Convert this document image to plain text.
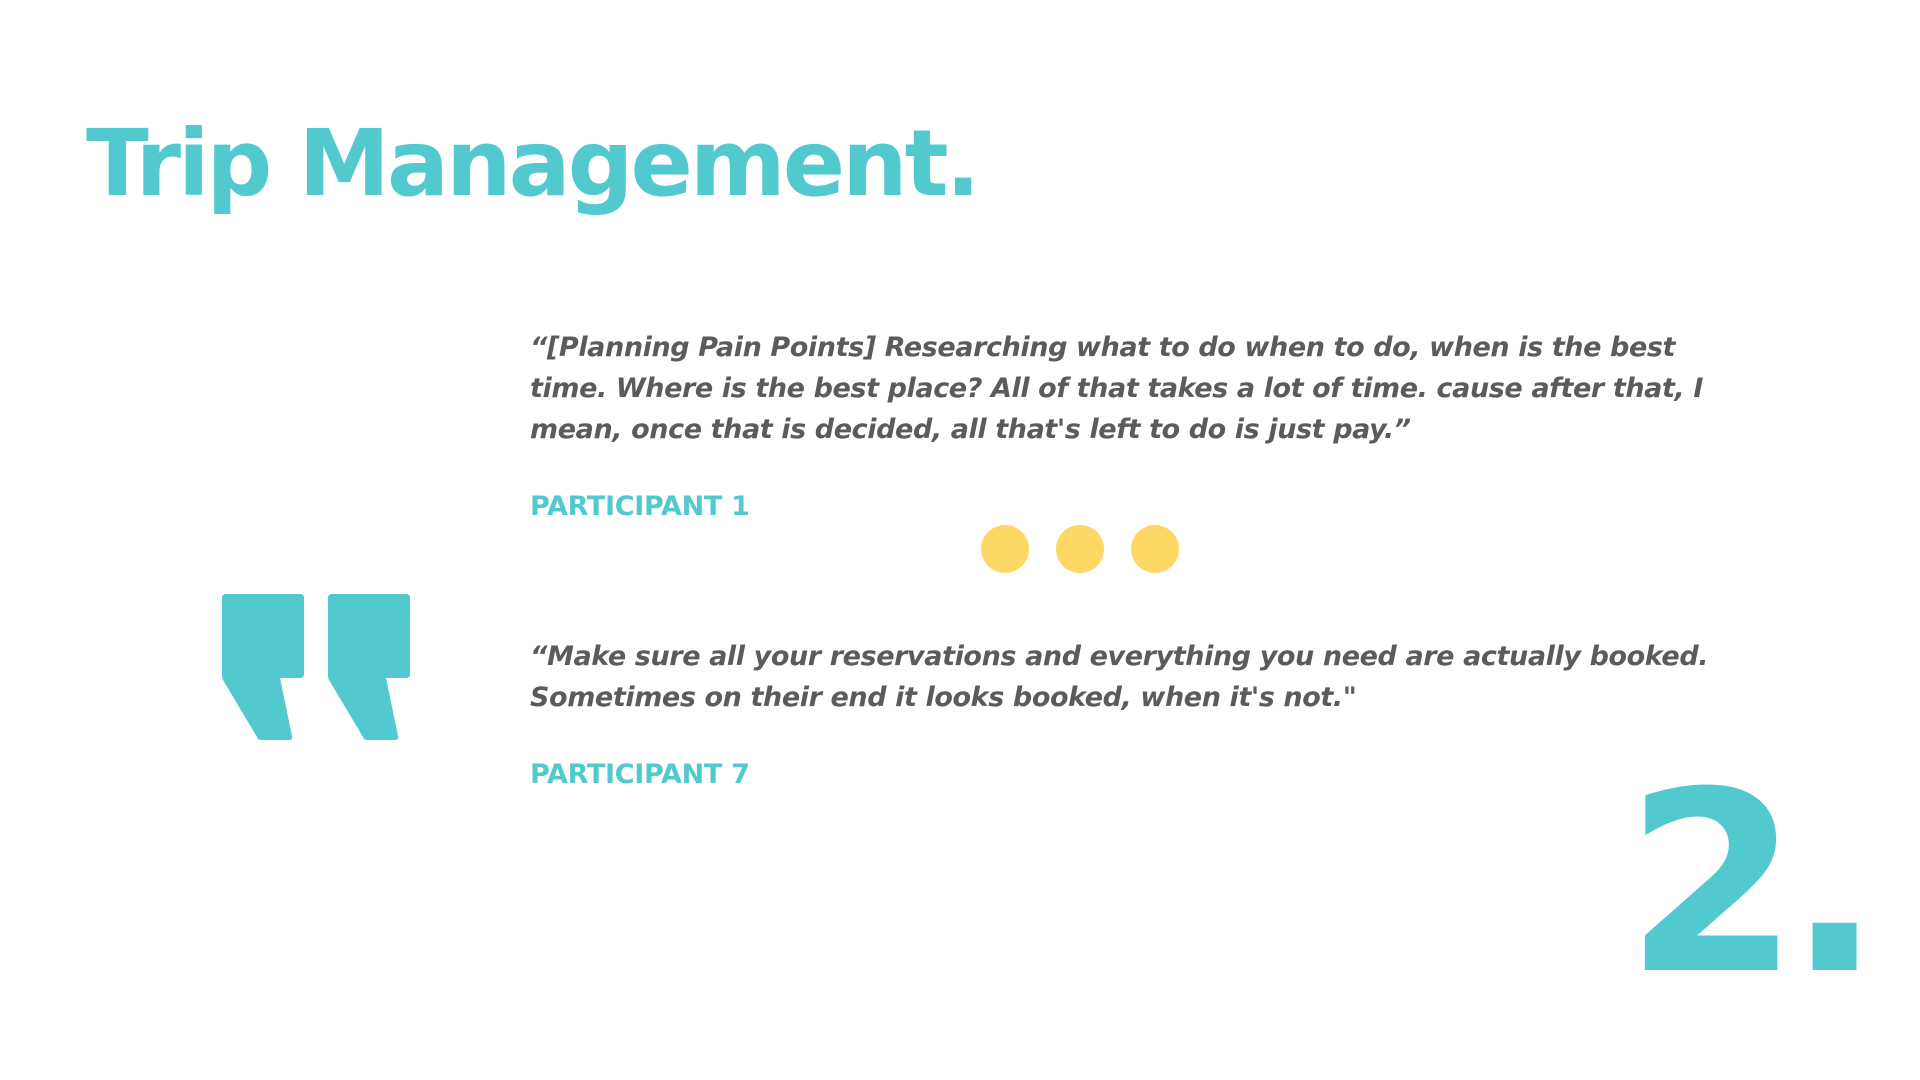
Trip Management.

“[Planning Pain Points] Researching what to do when to do, when is the best time. Where is the best place? All of that takes a lot of time. cause after that, I mean, once that is decided, all that's left to do is just pay.”

PARTICIPANT 1

“Make sure all your reservations and everything you need are actually booked. Sometimes on their end it looks booked, when it's not."

PARTICIPANT 7	2.
